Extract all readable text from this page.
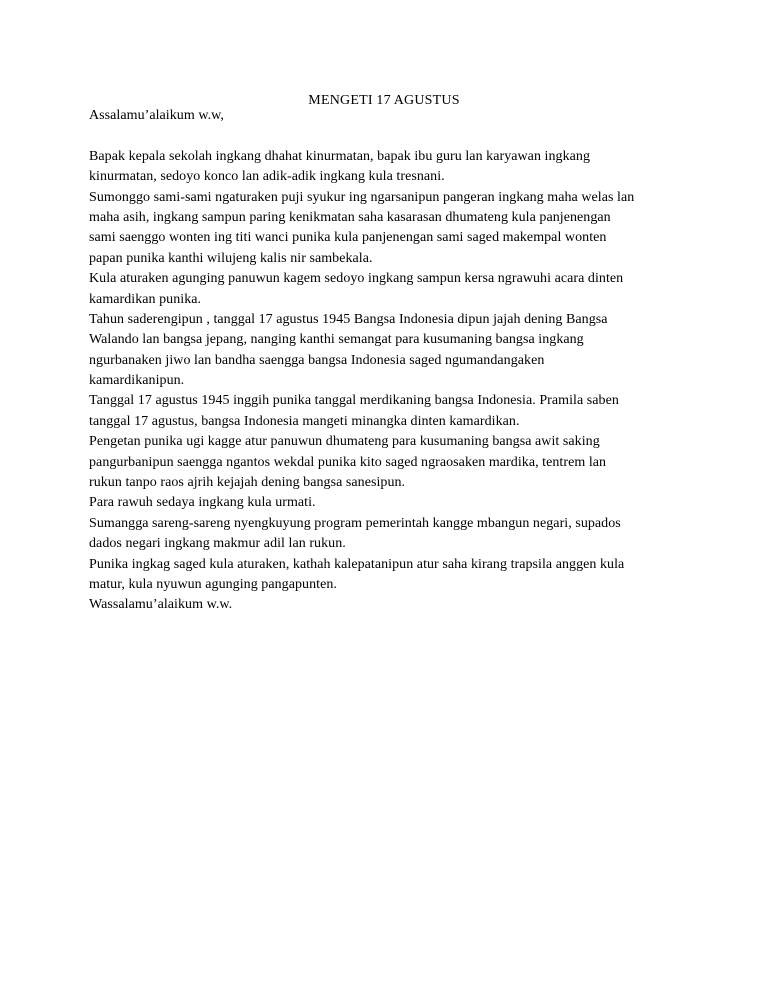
MENGETI 17 AGUSTUS
Assalamu’alaikum w.w,
Bapak kepala sekolah ingkang dhahat kinurmatan, bapak ibu guru lan karyawan ingkang
kinurmatan, sedoyo konco lan adik-adik ingkang kula tresnani.
Sumonggo sami-sami ngaturaken puji syukur ing ngarsanipun pangeran ingkang maha welas lan
maha asih, ingkang sampun paring kenikmatan saha kasarasan dhumateng kula panjenengan
sami saenggo wonten ing titi wanci punika kula panjenengan sami saged makempal wonten
papan punika kanthi wilujeng kalis nir sambekala.
Kula aturaken agunging panuwun kagem sedoyo ingkang sampun kersa ngrawuhi acara dinten
kamardikan punika.
Tahun saderengipun , tanggal 17 agustus 1945 Bangsa Indonesia dipun jajah dening Bangsa
Walando lan bangsa jepang, nanging kanthi semangat para kusumaning bangsa ingkang
ngurbanaken jiwo lan bandha saengga bangsa Indonesia saged ngumandangaken
kamardikanipun.
Tanggal 17 agustus 1945 inggih punika tanggal merdikaning bangsa Indonesia. Pramila saben
tanggal 17 agustus, bangsa Indonesia mangeti minangka dinten kamardikan.
Pengetan punika ugi kagge atur panuwun dhumateng para kusumaning bangsa awit saking
pangurbanipun saengga ngantos wekdal punika kito saged ngraosaken mardika, tentrem lan
rukun tanpo raos ajrih kejajah dening bangsa sanesipun.
Para rawuh sedaya ingkang kula urmati.
Sumangga sareng-sareng nyengkuyung program pemerintah kangge mbangun negari, supados
dados negari ingkang makmur adil lan rukun.
Punika ingkag saged kula aturaken, kathah kalepatanipun atur saha kirang trapsila anggen kula
matur, kula nyuwun agunging pangapunten.
Wassalamu’alaikum w.w.
